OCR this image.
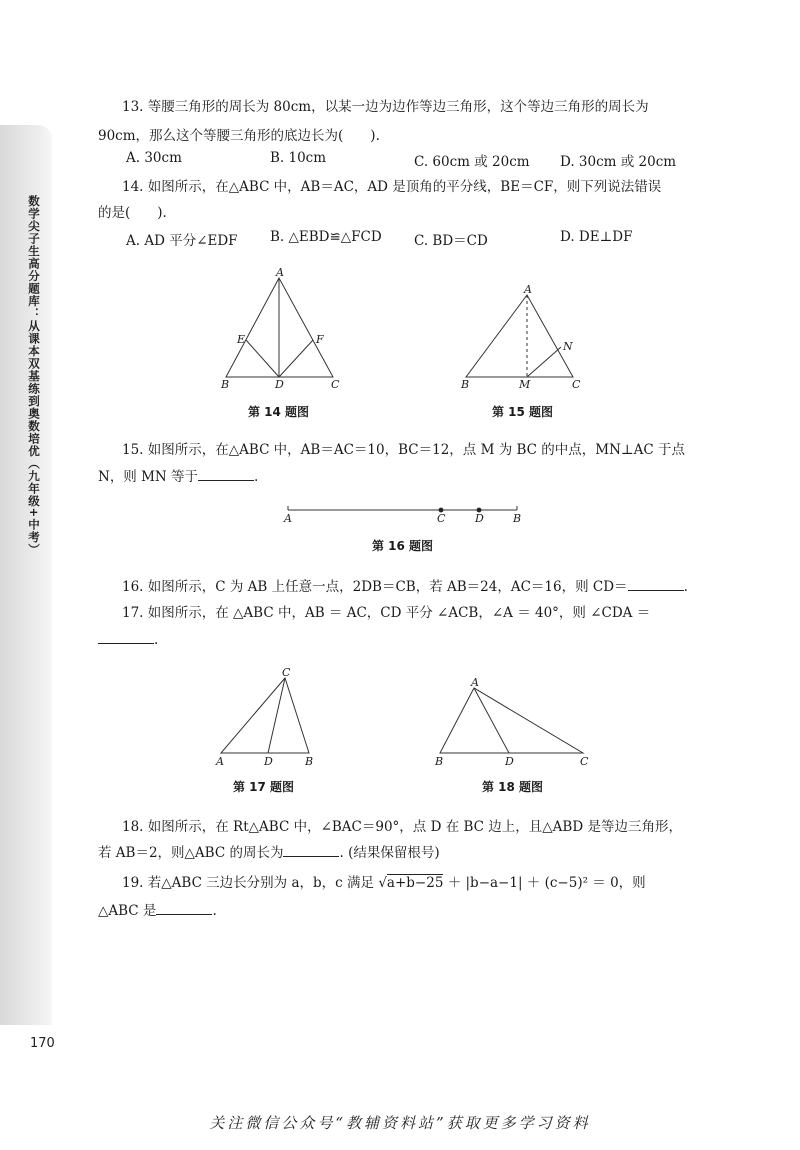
数学尖子生高分题库：从课本双基练到奥数培优（九年级+中考）
13. 等腰三角形的周长为 80cm，以某一边为边作等边三角形，这个等边三角形的周长为
90cm，那么这个等腰三角形的底边长为(　　).
A. 30cm	B. 10cm	C. 60cm 或 20cm D. 30cm 或 20cm
14. 如图所示，在△ABC 中，AB＝AC，AD 是顶角的平分线，BE＝CF，则下列说法错误
的是(　　).
A. AD 平分∠EDF B. △EBD≌△FCD C. BD＝CD	D. DE⊥DF
A
B	C
D
E	F
第 14 题图
A
B	C
M
N
第 15 题图
15. 如图所示，在△ABC 中，AB＝AC＝10，BC＝12，点 M 为 BC 的中点，MN⊥AC 于点
N，则 MN 等于	.
A	C	D	B
第 16 题图
16. 如图所示，C 为 AB 上任意一点，2DB＝CB，若 AB＝24，AC＝16，则 CD＝	.
17. 如图所示，在 △ABC 中，AB ＝ AC，CD 平分 ∠ACB，∠A ＝ 40°，则 ∠CDA ＝
.
C
A	D	B
第 17 题图
A
B	D	C
第 18 题图
18. 如图所示，在 Rt△ABC 中，∠BAC＝90°，点 D 在 BC 边上，且△ABD 是等边三角形，
若 AB＝2，则△ABC 的周长为	. (结果保留根号)
19. 若△ABC 三边长分别为 a，b，c 满足 √a+b−25 ＋ |b−a−1| ＋ (c−5)² ＝ 0，则
△ABC 是	.
170
关注微信公众号“教辅资料站”获取更多学习资料
